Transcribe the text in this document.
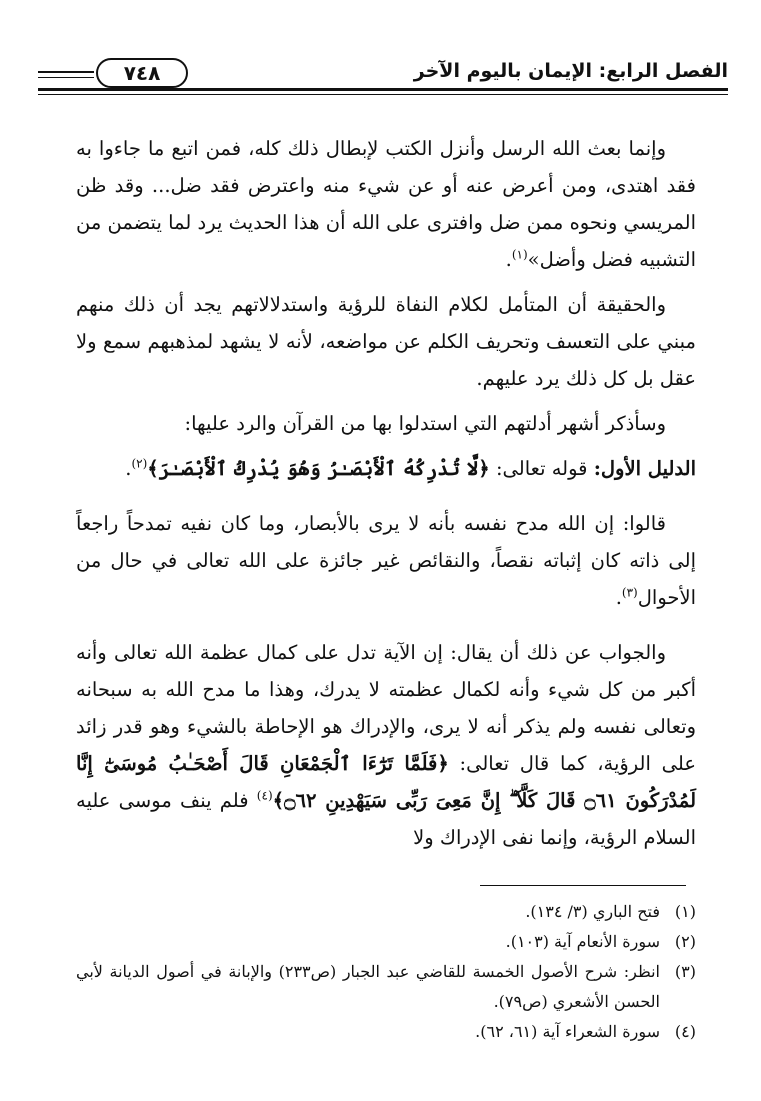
٧٤٨	الفصل الرابع: الإيمان باليوم الآخر

وإنما بعث الله الرسل وأنزل الكتب لإبطال ذلك كله، فمن اتبع ما جاءوا به فقد اهتدى، ومن أعرض عنه أو عن شيء منه واعترض فقد ضل... وقد ظن المريسي ونحوه ممن ضل وافترى على الله أن هذا الحديث يرد لما يتضمن من التشبيه فضل وأضل»$^{(١)}$.

والحقيقة أن المتأمل لكلام النفاة للرؤية واستدلالاتهم يجد أن ذلك منهم مبني على التعسف وتحريف الكلم عن مواضعه، لأنه لا يشهد لمذهبهم سمع ولا عقل بل كل ذلك يرد عليهم.

وسأذكر أشهر أدلتهم التي استدلوا بها من القرآن والرد عليها:

الدليل الأول: قوله تعالى: ﴿لَّا تُدْرِكُهُ ٱلْأَبْصَـٰرُ وَهُوَ يُدْرِكُ ٱلْأَبْصَـٰرَ﴾$^{(٢)}$.

قالوا: إن الله مدح نفسه بأنه لا يرى بالأبصار، وما كان نفيه تمدحاً راجعاً إلى ذاته كان إثباته نقصاً، والنقائص غير جائزة على الله تعالى في حال من الأحوال$^{(٣)}$.

والجواب عن ذلك أن يقال: إن الآية تدل على كمال عظمة الله تعالى وأنه أكبر من كل شيء وأنه لكمال عظمته لا يدرك، وهذا ما مدح الله به سبحانه وتعالى نفسه ولم يذكر أنه لا يرى، والإدراك هو الإحاطة بالشيء وهو قدر زائد على الرؤية، كما قال تعالى: ﴿فَلَمَّا تَرَٰٓءَا ٱلْجَمْعَانِ قَالَ أَصْحَـٰبُ مُوسَىٰٓ إِنَّا لَمُدْرَكُونَ ۝٦١ قَالَ كَلَّآ ۖ إِنَّ مَعِىَ رَبِّى سَيَهْدِينِ ۝٦٢﴾$^{(٤)}$ فلم ينف موسى عليه السلام الرؤية، وإنما نفى الإدراك ولا

(١)
فتح الباري (٣/ ١٣٤).
(٢)
سورة الأنعام آية (١٠٣).
(٣)
انظر: شرح الأصول الخمسة للقاضي عبد الجبار (ص٢٣٣) والإبانة في أصول الديانة لأبي الحسن الأشعري (ص٧٩).
(٤)
سورة الشعراء آية (٦١، ٦٢).
